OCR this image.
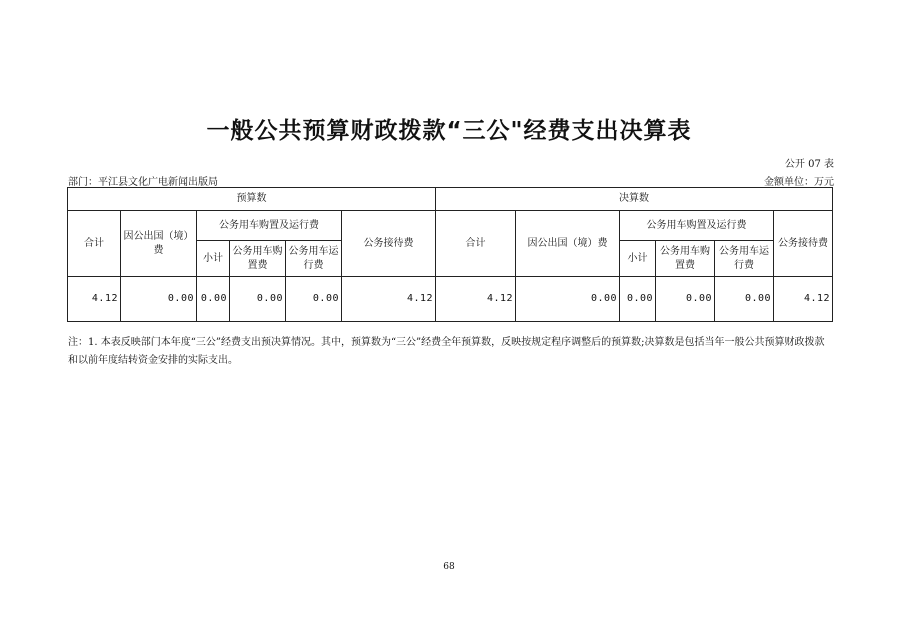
一般公共预算财政拨款“三公"经费支出决算表
公开 07 表
部门：平江县文化广电新闻出版局	金额单位：万元
预算数						决算数					
合计	因公出国（境）费	公务用车购置及运行费			公务接待费	合计	因公出国（境）费	公务用车购置及运行费			公务接待费
		小计	公务用车购置费	公务用车运行费				小计	公务用车购置费	公务用车运行费	
4.12	0.00	0.00	0.00	0.00	4.12	4.12	0.00	0.00	0.00	0.00	4.12
注：1. 本表反映部门本年度“三公”经费支出预决算情况。其中，预算数为“三公”经费全年预算数，反映按规定程序调整后的预算数;决算数是包括当年一般公共预算财政拨款和以前年度结转资金安排的实际支出。
68
